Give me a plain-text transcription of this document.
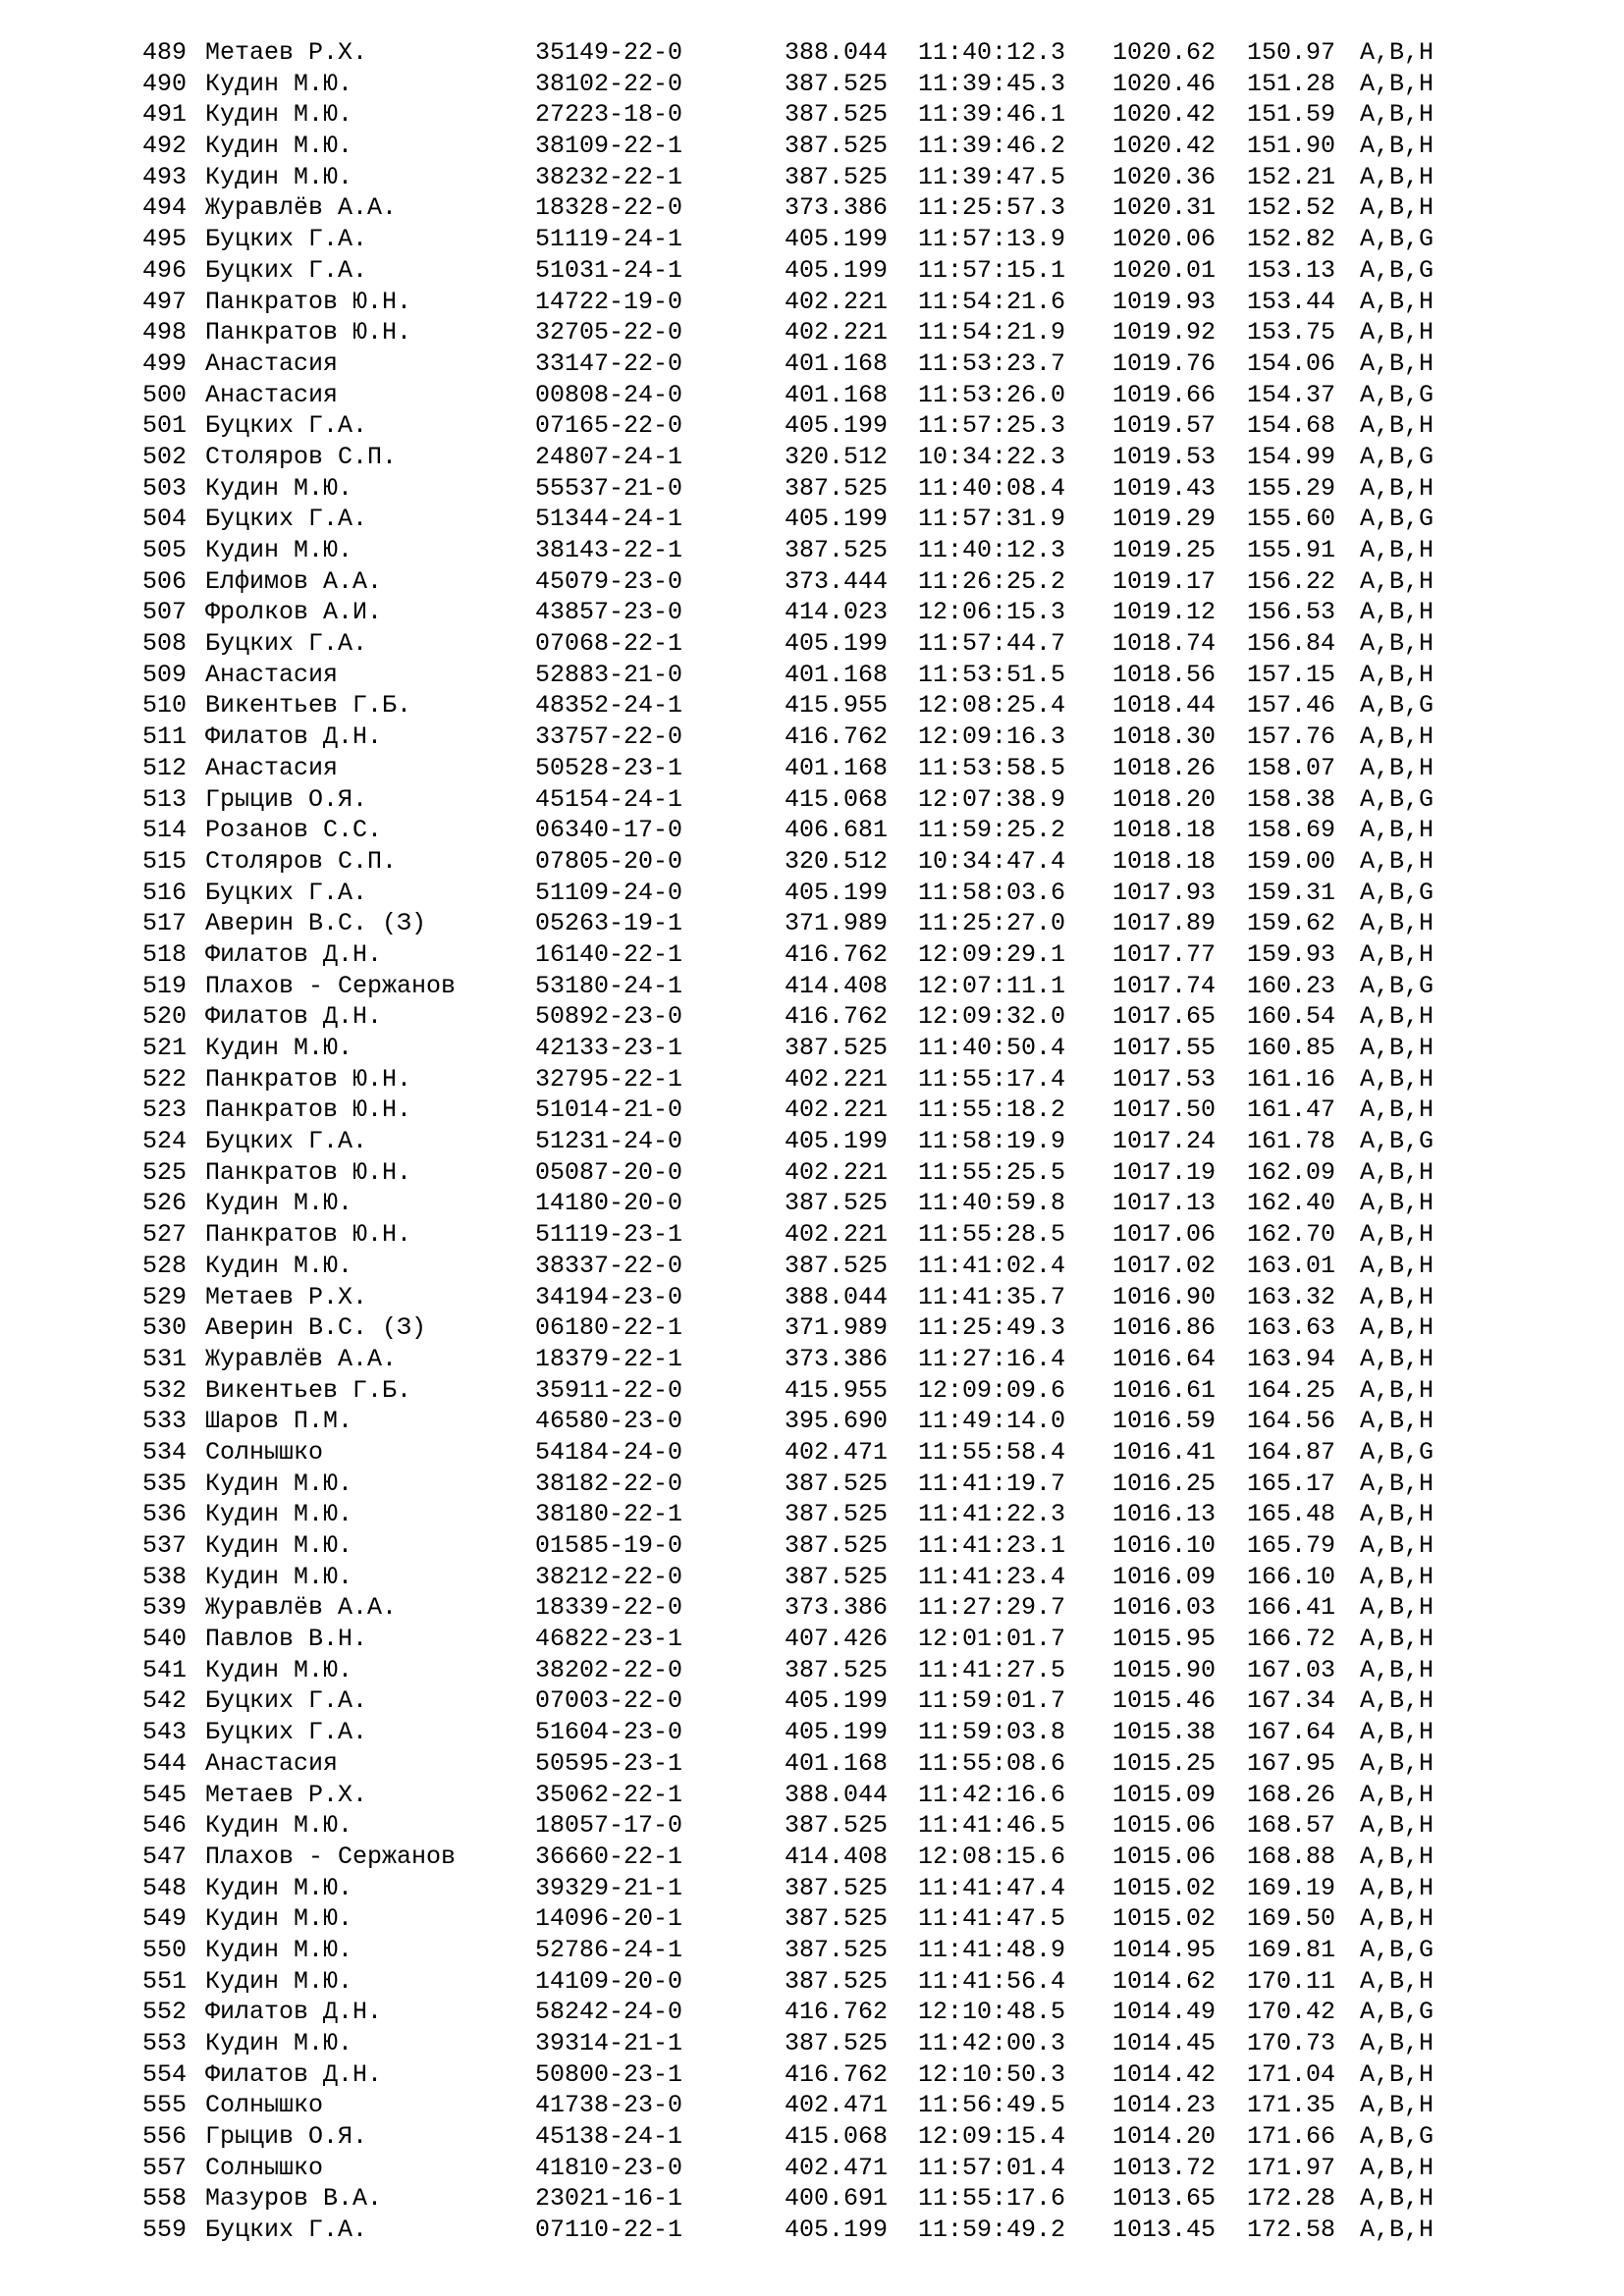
489 Метаев Р.Х.	35149-22-0	388.044 11:40:12.3 1020.62 150.97 А,В,Н
490 Кудин М.Ю.	38102-22-0	387.525 11:39:45.3 1020.46 151.28 А,В,Н
491 Кудин М.Ю.	27223-18-0	387.525 11:39:46.1 1020.42 151.59 А,В,Н
492 Кудин М.Ю.	38109-22-1	387.525 11:39:46.2 1020.42 151.90 А,В,Н
493 Кудин М.Ю.	38232-22-1	387.525 11:39:47.5 1020.36 152.21 А,В,Н
494 Журавлёв А.А.	18328-22-0	373.386 11:25:57.3 1020.31 152.52 А,В,Н
495 Буцких Г.А.	51119-24-1	405.199 11:57:13.9 1020.06 152.82 А,В,G
496 Буцких Г.А.	51031-24-1	405.199 11:57:15.1 1020.01 153.13 А,В,G
497 Панкратов Ю.Н.	14722-19-0	402.221 11:54:21.6 1019.93 153.44 А,В,Н
498 Панкратов Ю.Н.	32705-22-0	402.221 11:54:21.9 1019.92 153.75 А,В,Н
499 Анастасия	33147-22-0	401.168 11:53:23.7 1019.76 154.06 А,В,Н
500 Анастасия	00808-24-0	401.168 11:53:26.0 1019.66 154.37 А,В,G
501 Буцких Г.А.	07165-22-0	405.199 11:57:25.3 1019.57 154.68 А,В,Н
502 Столяров С.П.	24807-24-1	320.512 10:34:22.3 1019.53 154.99 А,В,G
503 Кудин М.Ю.	55537-21-0	387.525 11:40:08.4 1019.43 155.29 А,В,Н
504 Буцких Г.А.	51344-24-1	405.199 11:57:31.9 1019.29 155.60 А,В,G
505 Кудин М.Ю.	38143-22-1	387.525 11:40:12.3 1019.25 155.91 А,В,Н
506 Елфимов А.А.	45079-23-0	373.444 11:26:25.2 1019.17 156.22 А,В,Н
507 Фролков А.И.	43857-23-0	414.023 12:06:15.3 1019.12 156.53 А,В,Н
508 Буцких Г.А.	07068-22-1	405.199 11:57:44.7 1018.74 156.84 А,В,Н
509 Анастасия	52883-21-0	401.168 11:53:51.5 1018.56 157.15 А,В,Н
510 Викентьев Г.Б.	48352-24-1	415.955 12:08:25.4 1018.44 157.46 А,В,G
511 Филатов Д.Н.	33757-22-0	416.762 12:09:16.3 1018.30 157.76 А,В,Н
512 Анастасия	50528-23-1	401.168 11:53:58.5 1018.26 158.07 А,В,Н
513 Грыцив О.Я.	45154-24-1	415.068 12:07:38.9 1018.20 158.38 А,В,G
514 Розанов С.С.	06340-17-0	406.681 11:59:25.2 1018.18 158.69 А,В,Н
515 Столяров С.П.	07805-20-0	320.512 10:34:47.4 1018.18 159.00 А,В,Н
516 Буцких Г.А.	51109-24-0	405.199 11:58:03.6 1017.93 159.31 А,В,G
517 Аверин В.С. (З)	05263-19-1	371.989 11:25:27.0 1017.89 159.62 А,В,Н
518 Филатов Д.Н.	16140-22-1	416.762 12:09:29.1 1017.77 159.93 А,В,Н
519 Плахов - Сержанов	53180-24-1	414.408 12:07:11.1 1017.74 160.23 А,В,G
520 Филатов Д.Н.	50892-23-0	416.762 12:09:32.0 1017.65 160.54 А,В,Н
521 Кудин М.Ю.	42133-23-1	387.525 11:40:50.4 1017.55 160.85 А,В,Н
522 Панкратов Ю.Н.	32795-22-1	402.221 11:55:17.4 1017.53 161.16 А,В,Н
523 Панкратов Ю.Н.	51014-21-0	402.221 11:55:18.2 1017.50 161.47 А,В,Н
524 Буцких Г.А.	51231-24-0	405.199 11:58:19.9 1017.24 161.78 А,В,G
525 Панкратов Ю.Н.	05087-20-0	402.221 11:55:25.5 1017.19 162.09 А,В,Н
526 Кудин М.Ю.	14180-20-0	387.525 11:40:59.8 1017.13 162.40 А,В,Н
527 Панкратов Ю.Н.	51119-23-1	402.221 11:55:28.5 1017.06 162.70 А,В,Н
528 Кудин М.Ю.	38337-22-0	387.525 11:41:02.4 1017.02 163.01 А,В,Н
529 Метаев Р.Х.	34194-23-0	388.044 11:41:35.7 1016.90 163.32 А,В,Н
530 Аверин В.С. (З)	06180-22-1	371.989 11:25:49.3 1016.86 163.63 А,В,Н
531 Журавлёв А.А.	18379-22-1	373.386 11:27:16.4 1016.64 163.94 А,В,Н
532 Викентьев Г.Б.	35911-22-0	415.955 12:09:09.6 1016.61 164.25 А,В,Н
533 Шаров П.М.	46580-23-0	395.690 11:49:14.0 1016.59 164.56 А,В,Н
534 Солнышко	54184-24-0	402.471 11:55:58.4 1016.41 164.87 А,В,G
535 Кудин М.Ю.	38182-22-0	387.525 11:41:19.7 1016.25 165.17 А,В,Н
536 Кудин М.Ю.	38180-22-1	387.525 11:41:22.3 1016.13 165.48 А,В,Н
537 Кудин М.Ю.	01585-19-0	387.525 11:41:23.1 1016.10 165.79 А,В,Н
538 Кудин М.Ю.	38212-22-0	387.525 11:41:23.4 1016.09 166.10 А,В,Н
539 Журавлёв А.А.	18339-22-0	373.386 11:27:29.7 1016.03 166.41 А,В,Н
540 Павлов В.Н.	46822-23-1	407.426 12:01:01.7 1015.95 166.72 А,В,Н
541 Кудин М.Ю.	38202-22-0	387.525 11:41:27.5 1015.90 167.03 А,В,Н
542 Буцких Г.А.	07003-22-0	405.199 11:59:01.7 1015.46 167.34 А,В,Н
543 Буцких Г.А.	51604-23-0	405.199 11:59:03.8 1015.38 167.64 А,В,Н
544 Анастасия	50595-23-1	401.168 11:55:08.6 1015.25 167.95 А,В,Н
545 Метаев Р.Х.	35062-22-1	388.044 11:42:16.6 1015.09 168.26 А,В,Н
546 Кудин М.Ю.	18057-17-0	387.525 11:41:46.5 1015.06 168.57 А,В,Н
547 Плахов - Сержанов	36660-22-1	414.408 12:08:15.6 1015.06 168.88 А,В,Н
548 Кудин М.Ю.	39329-21-1	387.525 11:41:47.4 1015.02 169.19 А,В,Н
549 Кудин М.Ю.	14096-20-1	387.525 11:41:47.5 1015.02 169.50 А,В,Н
550 Кудин М.Ю.	52786-24-1	387.525 11:41:48.9 1014.95 169.81 А,В,G
551 Кудин М.Ю.	14109-20-0	387.525 11:41:56.4 1014.62 170.11 А,В,Н
552 Филатов Д.Н.	58242-24-0	416.762 12:10:48.5 1014.49 170.42 А,В,G
553 Кудин М.Ю.	39314-21-1	387.525 11:42:00.3 1014.45 170.73 А,В,Н
554 Филатов Д.Н.	50800-23-1	416.762 12:10:50.3 1014.42 171.04 А,В,Н
555 Солнышко	41738-23-0	402.471 11:56:49.5 1014.23 171.35 А,В,Н
556 Грыцив О.Я.	45138-24-1	415.068 12:09:15.4 1014.20 171.66 А,В,G
557 Солнышко	41810-23-0	402.471 11:57:01.4 1013.72 171.97 А,В,Н
558 Мазуров В.А.	23021-16-1	400.691 11:55:17.6 1013.65 172.28 А,В,Н
559 Буцких Г.А.	07110-22-1	405.199 11:59:49.2 1013.45 172.58 А,В,Н
